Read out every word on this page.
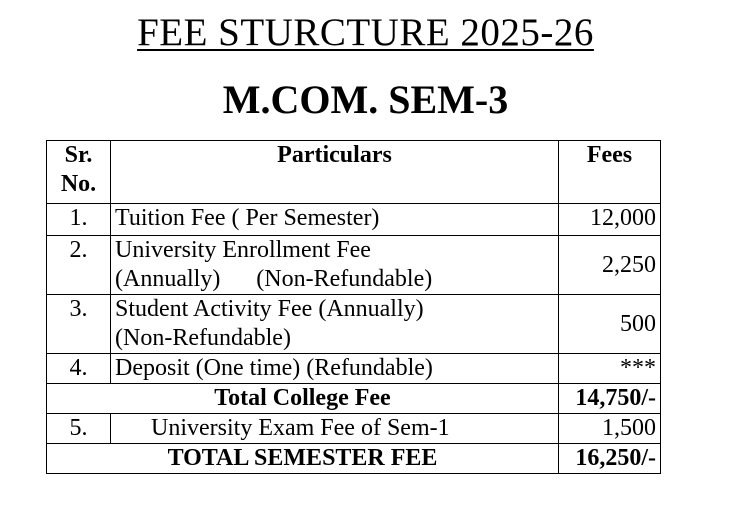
FEE STURCTURE 2025-26
M.COM. SEM-3
Sr.
No.	Particulars	Fees
1.	Tuition Fee ( Per Semester)	12,000
2.	University Enrollment Fee
(Annually)      (Non-Refundable)	2,250
3.	Student Activity Fee (Annually)
(Non-Refundable)	500
4.	Deposit (One time) (Refundable)	***
Total College Fee		14,750/-
5.	University Exam Fee of Sem-1	1,500
TOTAL SEMESTER FEE		16,250/-
